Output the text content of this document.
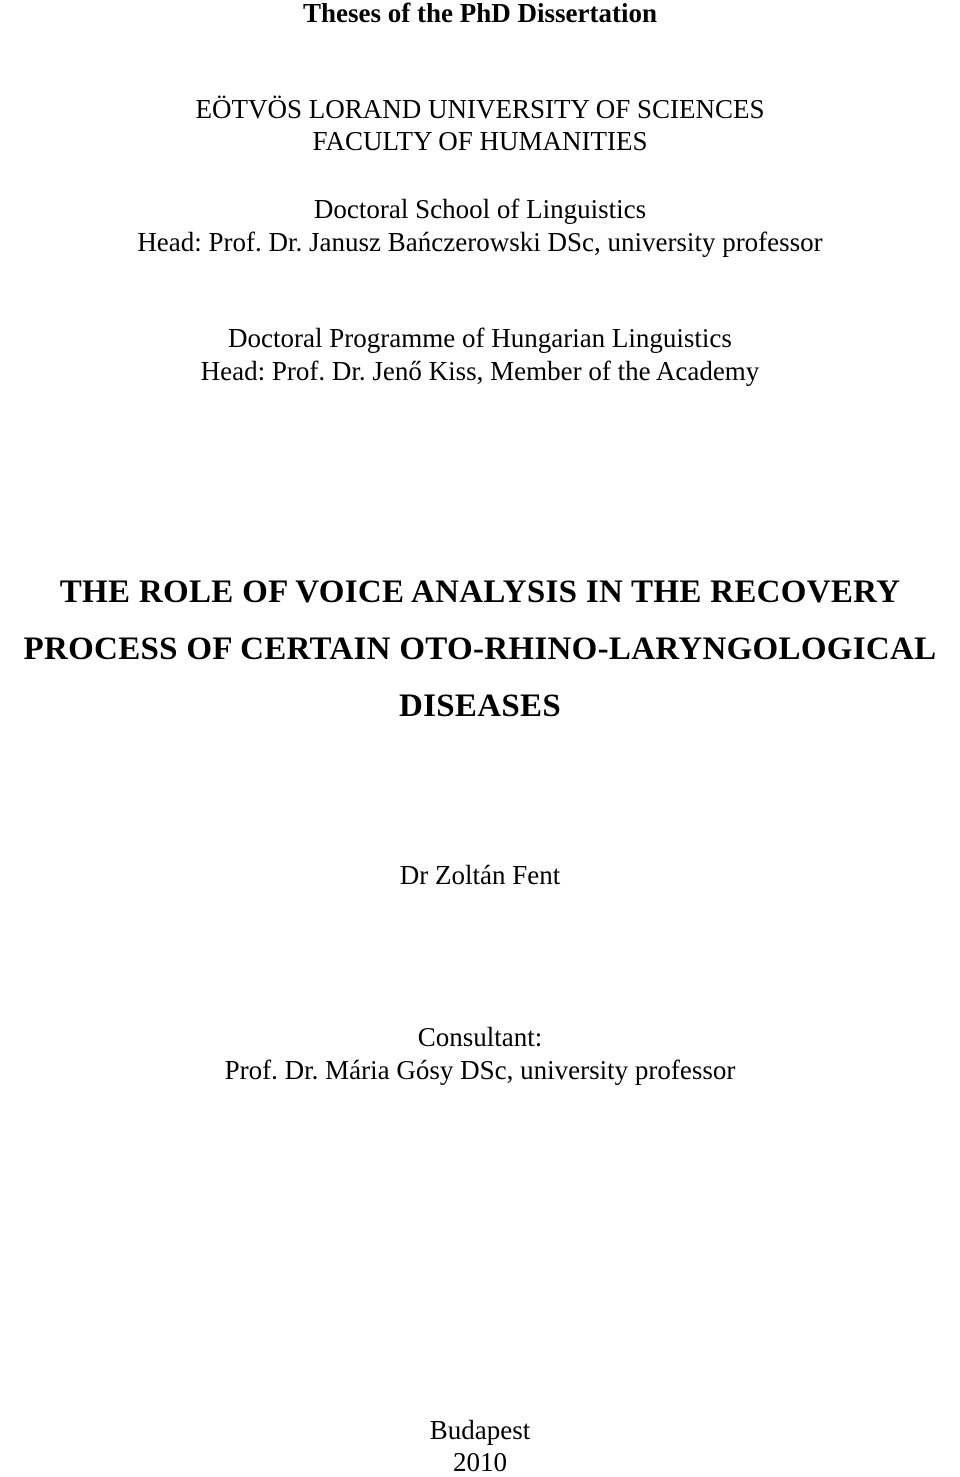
Theses of the PhD Dissertation
EÖTVÖS LORAND UNIVERSITY OF SCIENCES
FACULTY OF HUMANITIES
Doctoral School of Linguistics
Head: Prof. Dr. Janusz Bańczerowski DSc, university professor
Doctoral Programme of Hungarian Linguistics
Head: Prof. Dr. Jenő Kiss, Member of the Academy
THE ROLE OF VOICE ANALYSIS IN THE RECOVERY
PROCESS OF CERTAIN OTO-RHINO-LARYNGOLOGICAL
DISEASES
Dr Zoltán Fent
Consultant:
Prof. Dr. Mária Gósy DSc, university professor
Budapest
2010
